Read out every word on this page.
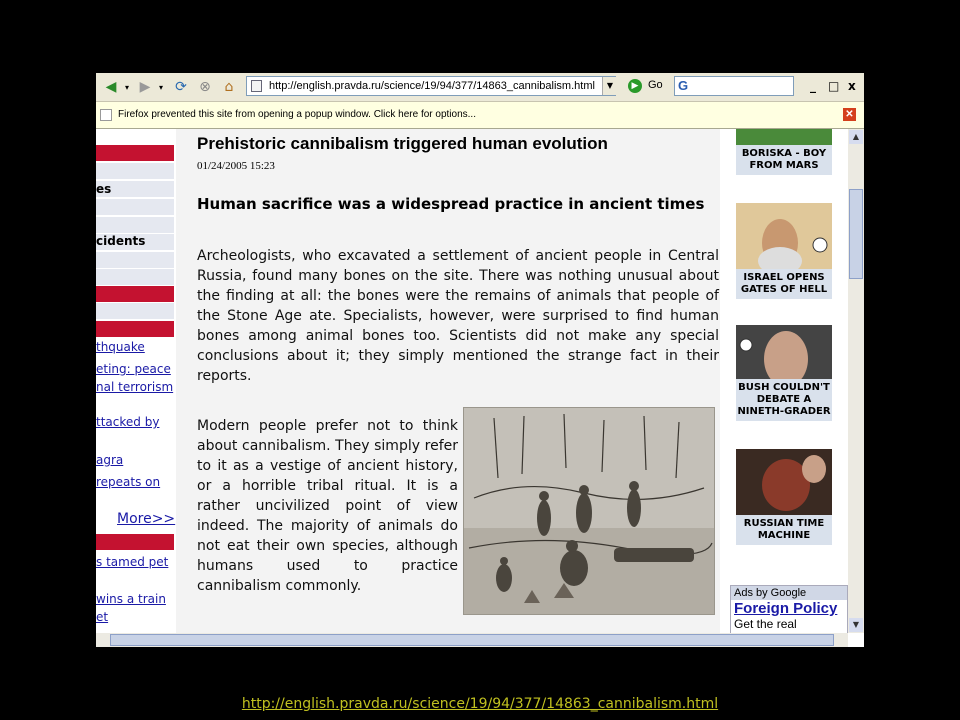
◀	▾ ▶	▾ ⟳ ⊗ ⌂	http://english.pravda.ru/science/19/94/377/14863_cannibalism.html	▼	▶ Go G	_ □ x
Firefox prevented this site from opening a popup window. Click here for options...	✕
es
cidents
thquake
eting: peace
nal terrorism
ttacked by
agra
repeats on
More>>
s tamed pet
wins a train
et
Prehistoric cannibalism triggered human evolution
01/24/2005 15:23
Human sacrifice was a widespread practice in ancient times
Archeologists, who excavated a settlement of ancient people in Central Russia, found many bones on the site. There was nothing unusual about the finding at all: the bones were the remains of animals that people of the Stone Age ate. Specialists, however, were surprised to find human bones among animal bones too. Scientists did not make any special conclusions about it; they simply mentioned the strange fact in their reports.
Modern people prefer not to think about cannibalism. They simply refer to it as a vestige of ancient history, or a horrible tribal ritual. It is a rather uncivilized point of view indeed. The majority of animals do not eat their own species, although humans used to practice cannibalism commonly.
BORISKA - BOY FROM MARS
ISRAEL OPENS GATES OF HELL
BUSH COULDN'T DEBATE A NINETH-GRADER
RUSSIAN TIME MACHINE
Ads by Google
Foreign Policy
Get the real
▲
▼
http://english.pravda.ru/science/19/94/377/14863_cannibalism.html
